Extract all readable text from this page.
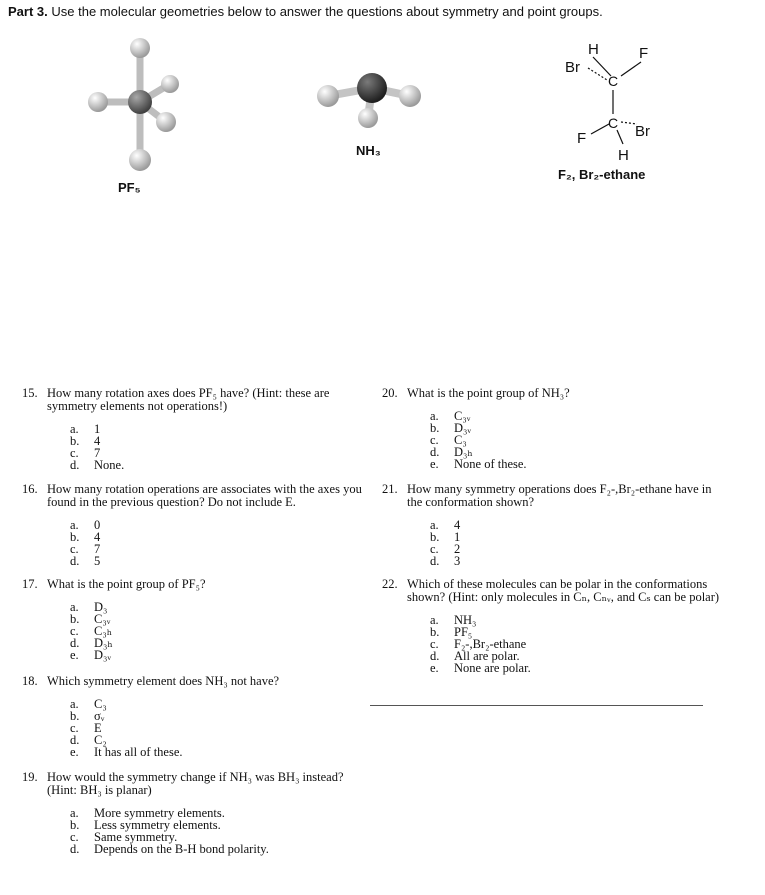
Part 3. Use the molecular geometries below to answer the questions about symmetry and point groups.
PF₅
NH₃
H
Br
C
F
C Br
F
H
F₂, Br₂-ethane
15. How many rotation axes does PF₅ have? (Hint: these are symmetry elements not operations!)
a.	1
b.	4
c.	7
d.	None.
16. How many rotation operations are associates with the axes you found in the previous question? Do not include E.
a.	0
b.	4
c.	7
d.	5
17. What is the point group of PF₅?
a.	D₃
b.	C₃ᵥ
c.	C₃ₕ
d.	D₃ₕ
e.	D₃ᵥ
18. Which symmetry element does NH₃ not have?
a.	C₃
b.	σᵥ
c.	E
d.	C₂
e.	It has all of these.
19. How would the symmetry change if NH₃ was BH₃ instead? (Hint: BH₃ is planar)
a.	More symmetry elements.
b.	Less symmetry elements.
c.	Same symmetry.
d.	Depends on the B-H bond polarity.
20. What is the point group of NH₃?
a.	C₃ᵥ
b.	D₃ᵥ
c.	C₃
d.	D₃ₕ
e.	None of these.
21. How many symmetry operations does F₂-,Br₂-ethane have in the conformation shown?
a.	4
b.	1
c.	2
d.	3
22. Which of these molecules can be polar in the conformations shown? (Hint: only molecules in Cₙ, Cₙᵥ, and Cₛ can be polar)
a.	NH₃
b.	PF₅
c.	F₂-,Br₂-ethane
d.	All are polar.
e.	None are polar.
